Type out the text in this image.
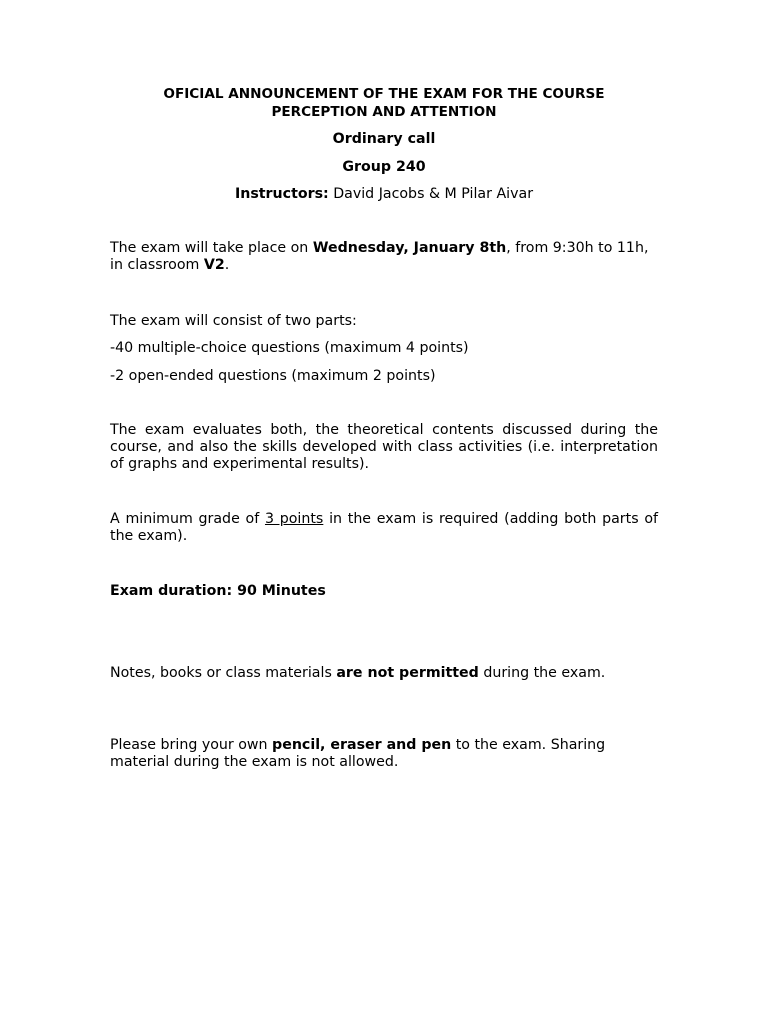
OFICIAL ANNOUNCEMENT OF THE EXAM FOR THE COURSE

PERCEPTION AND ATTENTION

Ordinary call

Group 240

Instructors: David Jacobs & M Pilar Aivar

The exam will take place on Wednesday, January 8th, from 9:30h to 11h, in classroom V2.

The exam will consist of two parts:

-40 multiple-choice questions (maximum 4 points)

-2 open-ended questions (maximum 2 points)

The exam evaluates both, the theoretical contents discussed during the course, and also the skills developed with class activities (i.e. interpretation of graphs and experimental results).

A minimum grade of 3 points in the exam is required (adding both parts of the exam).

Exam duration: 90 Minutes

Notes, books or class materials are not permitted during the exam.

Please bring your own pencil, eraser and pen to the exam. Sharing material during the exam is not allowed.
